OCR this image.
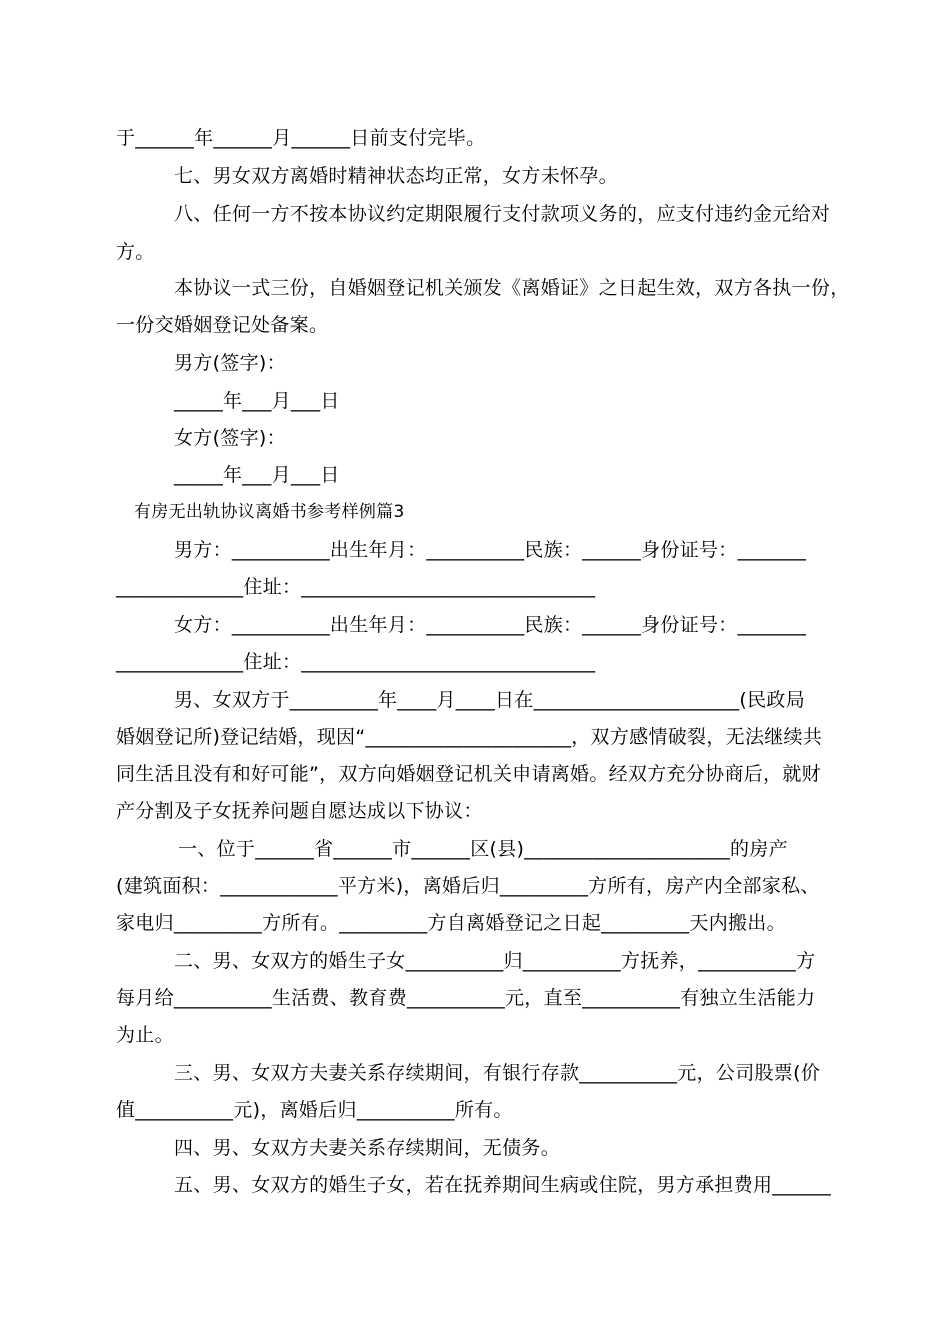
于______年______月______日前支付完毕。
七、男女双方离婚时精神状态均正常，女方未怀孕。
八、任何一方不按本协议约定期限履行支付款项义务的，应支付违约金元给对
方。
本协议一式三份，自婚姻登记机关颁发《离婚证》之日起生效，双方各执一份，
一份交婚姻登记处备案。
男方(签字)：
_____年___月___日
女方(签字)：
_____年___月___日
有房无出轨协议离婚书参考样例篇3
男方：__________出生年月：__________民族：______身份证号：_______
_____________住址：______________________________
女方：__________出生年月：__________民族：______身份证号：_______
_____________住址：______________________________
男、女双方于_________年____月____日在_____________________(民政局
婚姻登记所)登记结婚，现因“_____________________，双方感情破裂，无法继续共
同生活且没有和好可能”，双方向婚姻登记机关申请离婚。经双方充分协商后，就财
产分割及子女抚养问题自愿达成以下协议：
一、位于______省______市______区(县)_____________________的房产
(建筑面积：____________平方米)，离婚后归_________方所有，房产内全部家私、
家电归_________方所有。_________方自离婚登记之日起_________天内搬出。
二、男、女双方的婚生子女__________归__________方抚养，__________方
每月给__________生活费、教育费__________元，直至__________有独立生活能力
为止。
三、男、女双方夫妻关系存续期间，有银行存款__________元，公司股票(价
值__________元)，离婚后归__________所有。
四、男、女双方夫妻关系存续期间，无债务。
五、男、女双方的婚生子女，若在抚养期间生病或住院，男方承担费用______
